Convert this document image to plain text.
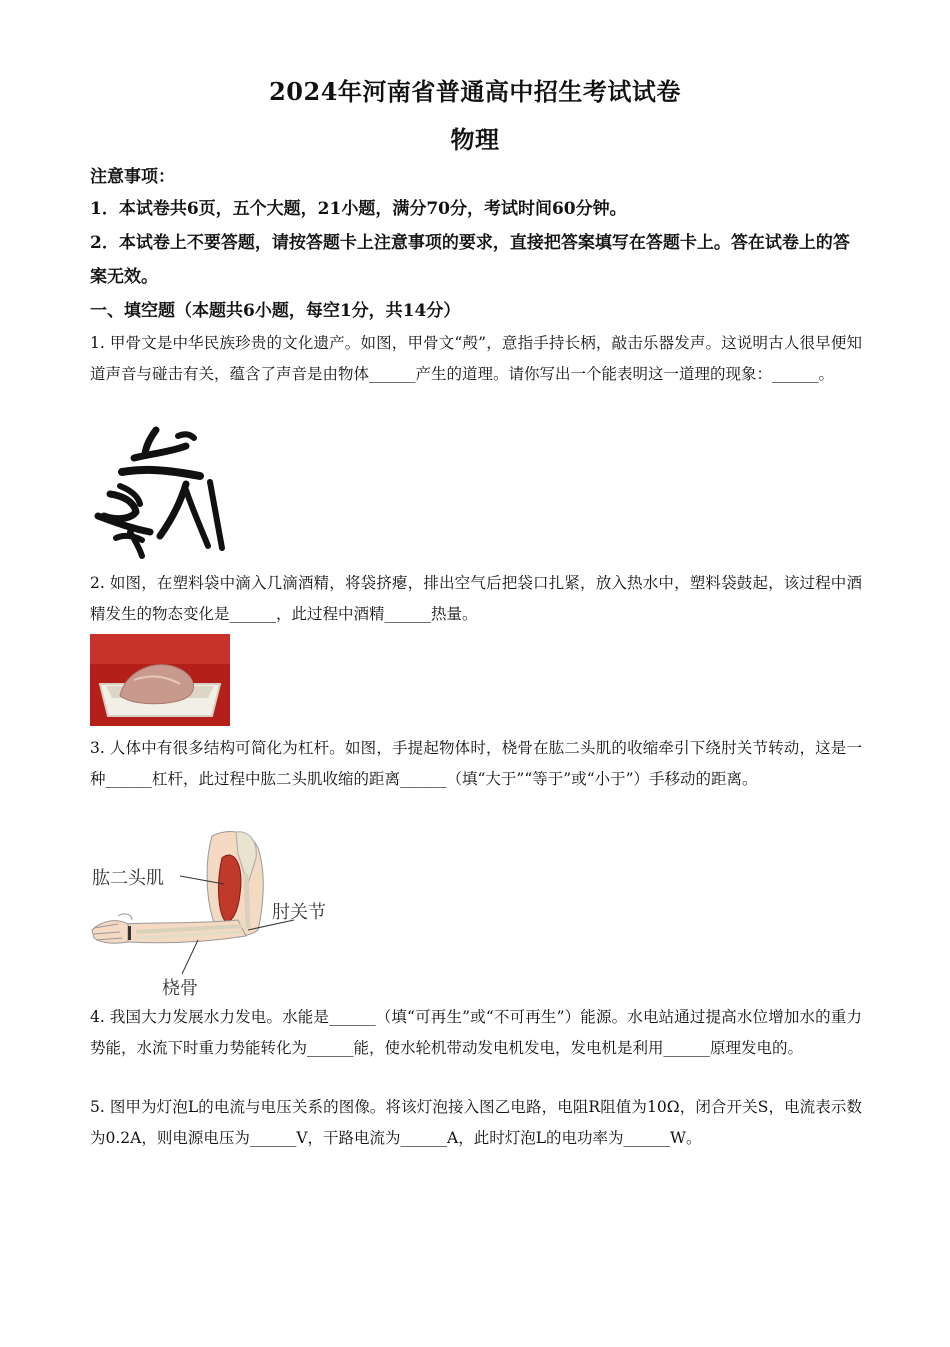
2024年河南省普通高中招生考试试卷
物理
注意事项：
1．本试卷共6页，五个大题，21小题，满分70分，考试时间60分钟。
2．本试卷上不要答题，请按答题卡上注意事项的要求，直接把答案填写在答题卡上。答在试卷上的答案无效。
一、填空题（本题共6小题，每空1分，共14分）
1. 甲骨文是中华民族珍贵的文化遗产。如图，甲骨文“殸”，意指手持长柄，敲击乐器发声。这说明古人很早便知道声音与碰击有关，蕴含了声音是由物体______产生的道理。请你写出一个能表明这一道理的现象：______。
2. 如图，在塑料袋中滴入几滴酒精，将袋挤瘪，排出空气后把袋口扎紧，放入热水中，塑料袋鼓起，该过程中酒精发生的物态变化是______，此过程中酒精______热量。
3. 人体中有很多结构可简化为杠杆。如图，手提起物体时，桡骨在肱二头肌的收缩牵引下绕肘关节转动，这是一种______杠杆，此过程中肱二头肌收缩的距离______（填“大于”“等于”或“小于”）手移动的距离。
肱二头肌
肘关节
桡骨
4. 我国大力发展水力发电。水能是______（填“可再生”或“不可再生”）能源。水电站通过提高水位增加水的重力势能，水流下时重力势能转化为______能，使水轮机带动发电机发电，发电机是利用______原理发电的。
5. 图甲为灯泡L的电流与电压关系的图像。将该灯泡接入图乙电路，电阻R阻值为10Ω，闭合开关S，电流表示数为0.2A，则电源电压为______V，干路电流为______A，此时灯泡L的电功率为______W。
